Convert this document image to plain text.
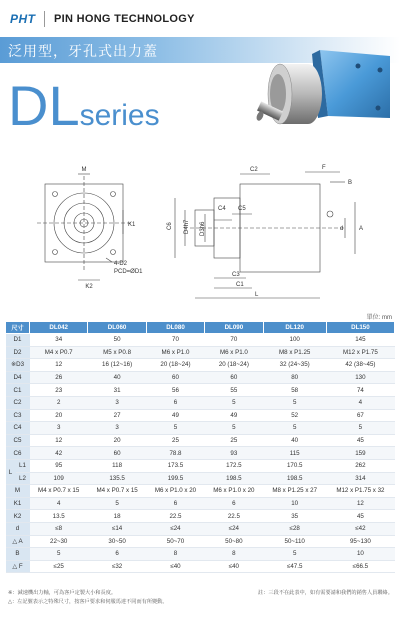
PHT PIN HONG TECHNOLOGY
泛用型，牙孔式出力蓋
DLseries
M
K1
K2
4-D2
PCD=ØD1
C2	F
B
C4 C5
C6 D4h7 D3h6	d	A
C3
C1
L
單位: mm
尺寸		DL042	DL060	DL080	DL090	DL120	DL150
D1		34	50	70	70	100	145
D2		M4 x P0.7	M5 x P0.8	M6 x P1.0	M6 x P1.0	M8 x P1.25	M12 x P1.75
※D3		12	16 (12~16)	20 (18~24)	20 (18~24)	32 (24~35)	42 (38~45)
D4		26	40	60	60	80	130
C1		23	31	56	55	58	74
C2		2	3	6	5	5	4
C3		20	27	49	49	52	67
C4		3	3	5	5	5	5
C5		12	20	25	25	40	45
C6		42	60	78.8	93	115	159
L	L1	95	118	173.5	172.5	170.5	262
	L2	109	135.5	199.5	198.5	198.5	314
M		M4 x P0.7 x 15	M4 x P0.7 x 15	M6 x P1.0 x 20	M6 x P1.0 x 20	M8 x P1.25 x 27	M12 x P1.75 x 32
K1		4	5	6	6	10	12
K2		13.5	18	22.5	22.5	35	45
d		≤8	≤14	≤24	≤24	≤28	≤42
△ A		22~30	30~50	50~70	50~80	50~110	95~130
B		5	6	8	8	5	10
△ F		≤25	≤32	≤40	≤40	≤47.5	≤66.5
※：減速機出力軸，可為客戶定製大小和長度。
△：左記號表示之特殊尺寸，按客戶要求和伺服馬達不同而有所變動。
註：三段不在此表中，如有需要請和我們的銷售人員聯絡。
